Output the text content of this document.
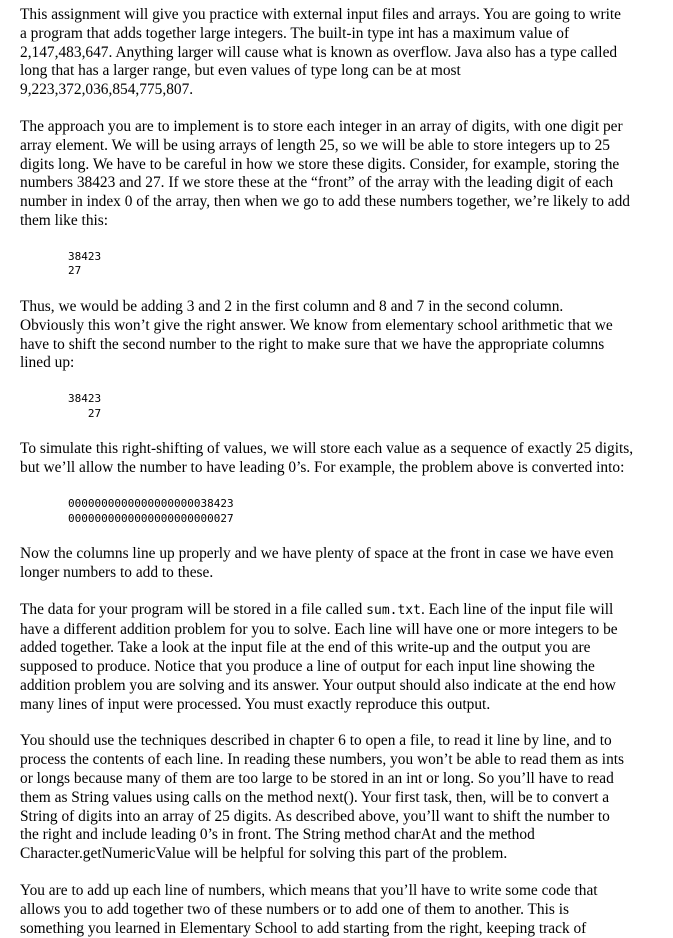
This assignment will give you practice with external input files and arrays. You are going to write
a program that adds together large integers. The built-in type int has a maximum value of
2,147,483,647. Anything larger will cause what is known as overflow. Java also has a type called
long that has a larger range, but even values of type long can be at most
9,223,372,036,854,775,807.

The approach you are to implement is to store each integer in an array of digits, with one digit per
array element. We will be using arrays of length 25, so we will be able to store integers up to 25
digits long. We have to be careful in how we store these digits. Consider, for example, storing the
numbers 38423 and 27. If we store these at the “front” of the array with the leading digit of each
number in index 0 of the array, then when we go to add these numbers together, we’re likely to add
them like this:

38423
27

Thus, we would be adding 3 and 2 in the first column and 8 and 7 in the second column.
Obviously this won’t give the right answer. We know from elementary school arithmetic that we
have to shift the second number to the right to make sure that we have the appropriate columns
lined up:

38423
27

To simulate this right-shifting of values, we will store each value as a sequence of exactly 25 digits,
but we’ll allow the number to have leading 0’s. For example, the problem above is converted into:

0000000000000000000038423
0000000000000000000000027

Now the columns line up properly and we have plenty of space at the front in case we have even
longer numbers to add to these.

The data for your program will be stored in a file called sum.txt. Each line of the input file will
have a different addition problem for you to solve. Each line will have one or more integers to be
added together. Take a look at the input file at the end of this write-up and the output you are
supposed to produce. Notice that you produce a line of output for each input line showing the
addition problem you are solving and its answer. Your output should also indicate at the end how
many lines of input were processed. You must exactly reproduce this output.

You should use the techniques described in chapter 6 to open a file, to read it line by line, and to
process the contents of each line. In reading these numbers, you won’t be able to read them as ints
or longs because many of them are too large to be stored in an int or long. So you’ll have to read
them as String values using calls on the method next(). Your first task, then, will be to convert a
String of digits into an array of 25 digits. As described above, you’ll want to shift the number to
the right and include leading 0’s in front. The String method charAt and the method
Character.getNumericValue will be helpful for solving this part of the problem.

You are to add up each line of numbers, which means that you’ll have to write some code that
allows you to add together two of these numbers or to add one of them to another. This is
something you learned in Elementary School to add starting from the right, keeping track of
